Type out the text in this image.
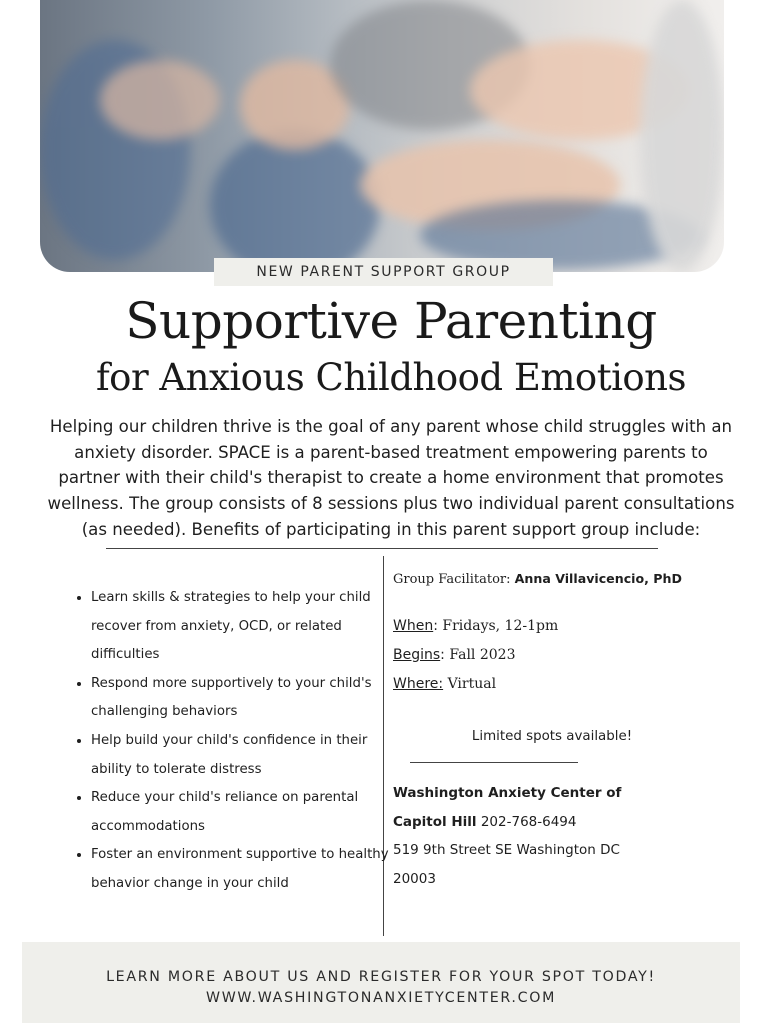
NEW PARENT SUPPORT GROUP
Supportive Parenting
for Anxious Childhood Emotions
Helping our children thrive is the goal of any parent whose child struggles with an anxiety disorder. SPACE is a parent-based treatment empowering parents to partner with their child's therapist to create a home environment that promotes wellness. The group consists of 8 sessions plus two individual parent consultations (as needed). Benefits of participating in this parent support group include:
• Learn skills & strategies to help your child recover from anxiety, OCD, or related difficulties
• Respond more supportively to your child's challenging behaviors
• Help build your child's confidence in their ability to tolerate distress
• Reduce your child's reliance on parental accommodations
• Foster an environment supportive to healthy behavior change in your child
Group Facilitator: Anna Villavicencio, PhD
When: Fridays, 12-1pm
Begins: Fall 2023
Where: Virtual
Limited spots available!
Washington Anxiety Center of
Capitol Hill 202-768-6494
519 9th Street SE Washington DC
20003
LEARN MORE ABOUT US AND REGISTER FOR YOUR SPOT TODAY!
WWW.WASHINGTONANXIETYCENTER.COM
